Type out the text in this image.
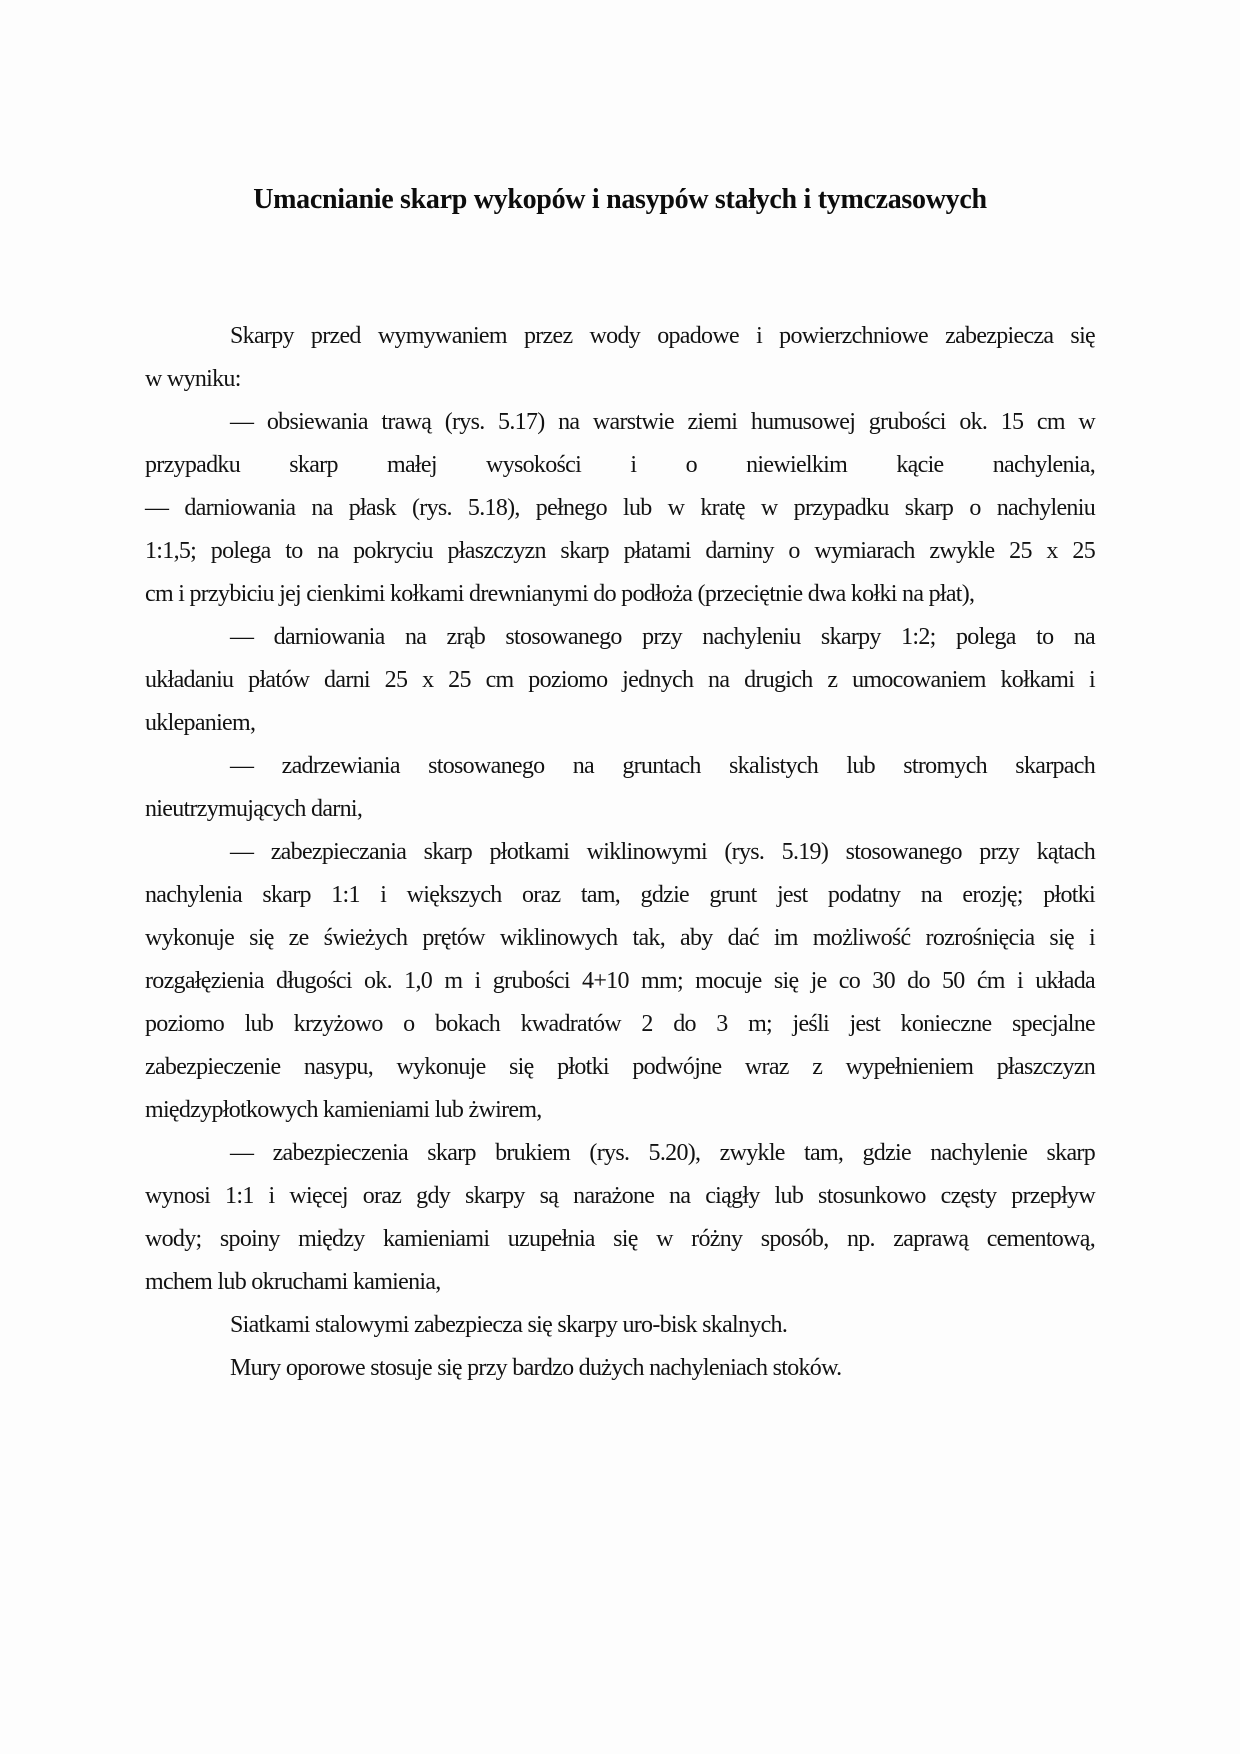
Umacnianie skarp wykopów i nasypów stałych i tymczasowych
Skarpy przed wymywaniem przez wody opadowe i powierzchniowe zabezpiecza się
w wyniku:
— obsiewania trawą (rys. 5.17) na warstwie ziemi humusowej grubości ok. 15 cm w
przypadku skarp małej wysokości i o niewielkim kącie nachylenia,
— darniowania na płask (rys. 5.18), pełnego lub w kratę w przypadku skarp o nachyleniu
1:1,5; polega to na pokryciu płaszczyzn skarp płatami darniny o wymiarach zwykle 25 x 25
cm i przybiciu jej cienkimi kołkami drewnianymi do podłoża (przeciętnie dwa kołki na płat),
— darniowania na zrąb stosowanego przy nachyleniu skarpy 1:2; polega to na
układaniu płatów darni 25 x 25 cm poziomo jednych na drugich z umocowaniem kołkami i
uklepaniem,
— zadrzewiania stosowanego na gruntach skalistych lub stromych skarpach
nieutrzymujących darni,
— zabezpieczania skarp płotkami wiklinowymi (rys. 5.19) stosowanego przy kątach
nachylenia skarp 1:1 i większych oraz tam, gdzie grunt jest podatny na erozję; płotki
wykonuje się ze świeżych prętów wiklinowych tak, aby dać im możliwość rozrośnięcia się i
rozgałęzienia długości ok. 1,0 m i grubości 4+10 mm; mocuje się je co 30 do 50 ćm i układa
poziomo lub krzyżowo o bokach kwadratów 2 do 3 m; jeśli jest konieczne specjalne
zabezpieczenie nasypu, wykonuje się płotki podwójne wraz z wypełnieniem płaszczyzn
międzypłotkowych kamieniami lub żwirem,
— zabezpieczenia skarp brukiem (rys. 5.20), zwykle tam, gdzie nachylenie skarp
wynosi 1:1 i więcej oraz gdy skarpy są narażone na ciągły lub stosunkowo częsty przepływ
wody; spoiny między kamieniami uzupełnia się w różny sposób, np. zaprawą cementową,
mchem lub okruchami kamienia,
Siatkami stalowymi zabezpiecza się skarpy uro-bisk skalnych.
Mury oporowe stosuje się przy bardzo dużych nachyleniach stoków.
